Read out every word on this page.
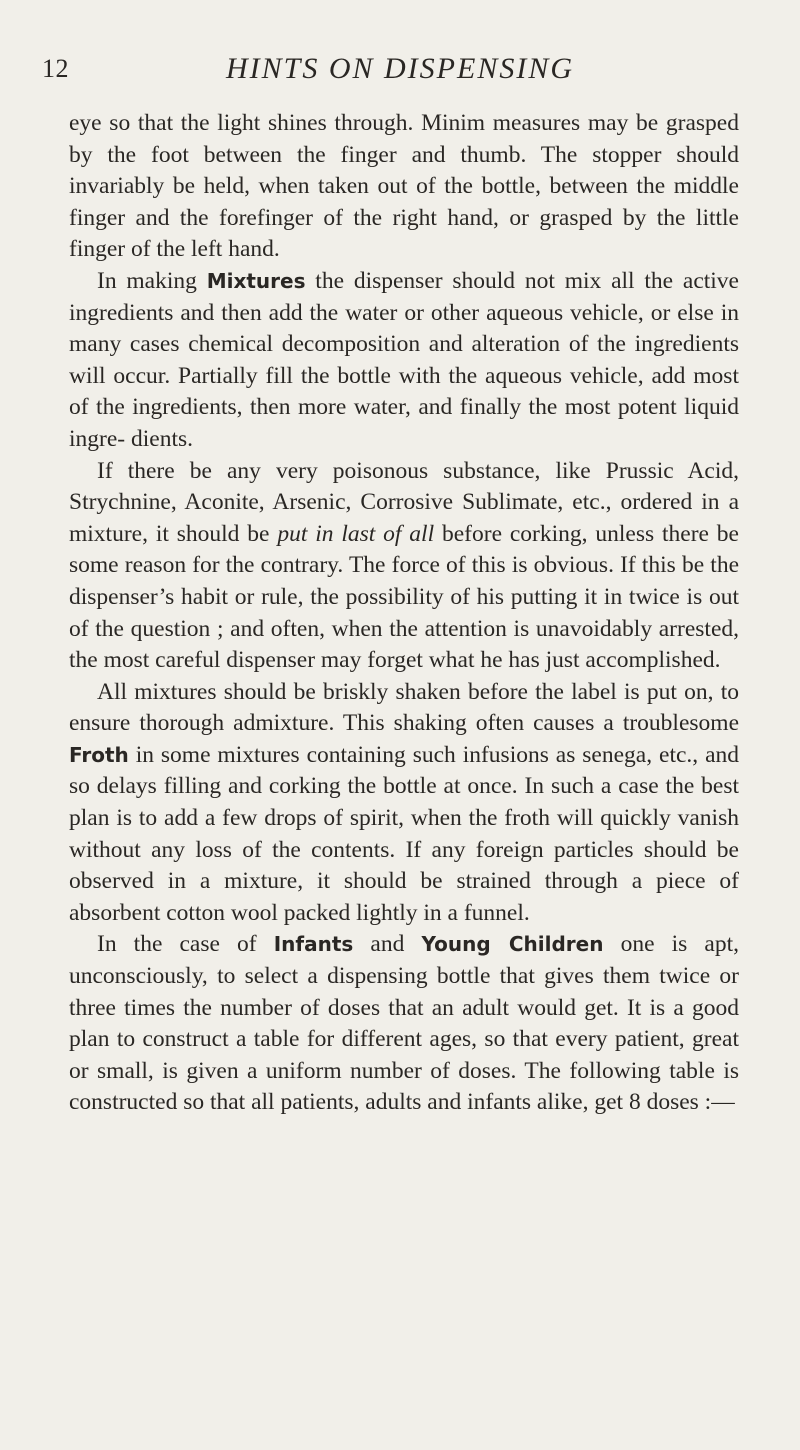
12	HINTS ON DISPENSING

eye so that the light shines through. Minim measures may be grasped by the foot between the finger and thumb. The stopper should invariably be held, when taken out of the bottle, between the middle finger and the forefinger of the right hand, or grasped by the little finger of the left hand.

In making Mixtures the dispenser should not mix all the active ingredients and then add the water or other aqueous vehicle, or else in many cases chemical decomposition and alteration of the ingredients will occur. Partially fill the bottle with the aqueous vehicle, add most of the ingredients, then more water, and finally the most potent liquid ingre- dients.

If there be any very poisonous substance, like Prussic Acid, Strychnine, Aconite, Arsenic, Corrosive Sublimate, etc., ordered in a mixture, it should be put in last of all before corking, unless there be some reason for the contrary. The force of this is obvious. If this be the dispenser’s habit or rule, the possibility of his putting it in twice is out of the question ; and often, when the attention is unavoidably arrested, the most careful dispenser may forget what he has just accomplished.

All mixtures should be briskly shaken before the label is put on, to ensure thorough admixture. This shaking often causes a troublesome Froth in some mixtures containing such infusions as senega, etc., and so delays filling and corking the bottle at once. In such a case the best plan is to add a few drops of spirit, when the froth will quickly vanish without any loss of the contents. If any foreign particles should be observed in a mixture, it should be strained through a piece of absorbent cotton wool packed lightly in a funnel.

In the case of Infants and Young Children one is apt, unconsciously, to select a dispensing bottle that gives them twice or three times the number of doses that an adult would get. It is a good plan to construct a table for different ages, so that every patient, great or small, is given a uniform number of doses. The following table is constructed so that all patients, adults and infants alike, get 8 doses :—
